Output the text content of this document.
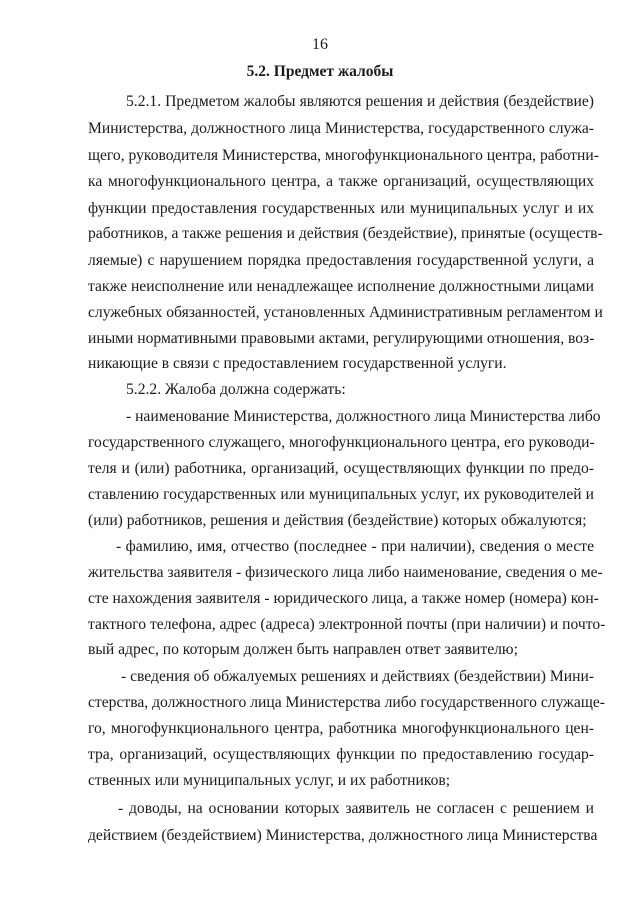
16
5.2. Предмет жалобы
5.2.1. Предметом жалобы являются решения и действия (бездействие)
Министерства, должностного лица Министерства, государственного служа-
щего, руководителя Министерства, многофункционального центра, работни-
ка многофункционального центра, а также организаций, осуществляющих
функции предоставления государственных или муниципальных услуг и их
работников, а также решения и действия (бездействие), принятые (осуществ-
ляемые) с нарушением порядка предоставления государственной услуги, а
также неисполнение или ненадлежащее исполнение должностными лицами
служебных обязанностей, установленных Административным регламентом и
иными нормативными правовыми актами, регулирующими отношения, воз-
никающие в связи с предоставлением государственной услуги.
5.2.2. Жалоба должна содержать:
- наименование Министерства, должностного лица Министерства либо
государственного служащего, многофункционального центра, его руководи-
теля и (или) работника, организаций, осуществляющих функции по предо-
ставлению государственных или муниципальных услуг, их руководителей и
(или) работников, решения и действия (бездействие) которых обжалуются;
- фамилию, имя, отчество (последнее - при наличии), сведения о месте
жительства заявителя - физического лица либо наименование, сведения о ме-
сте нахождения заявителя - юридического лица, а также номер (номера) кон-
тактного телефона, адрес (адреса) электронной почты (при наличии) и почто-
вый адрес, по которым должен быть направлен ответ заявителю;
- сведения об обжалуемых решениях и действиях (бездействии) Мини-
стерства, должностного лица Министерства либо государственного служаще-
го, многофункционального центра, работника многофункционального цен-
тра, организаций, осуществляющих функции по предоставлению государ-
ственных или муниципальных услуг, и их работников;
- доводы, на основании которых заявитель не согласен с решением и
действием (бездействием) Министерства, должностного лица Министерства
